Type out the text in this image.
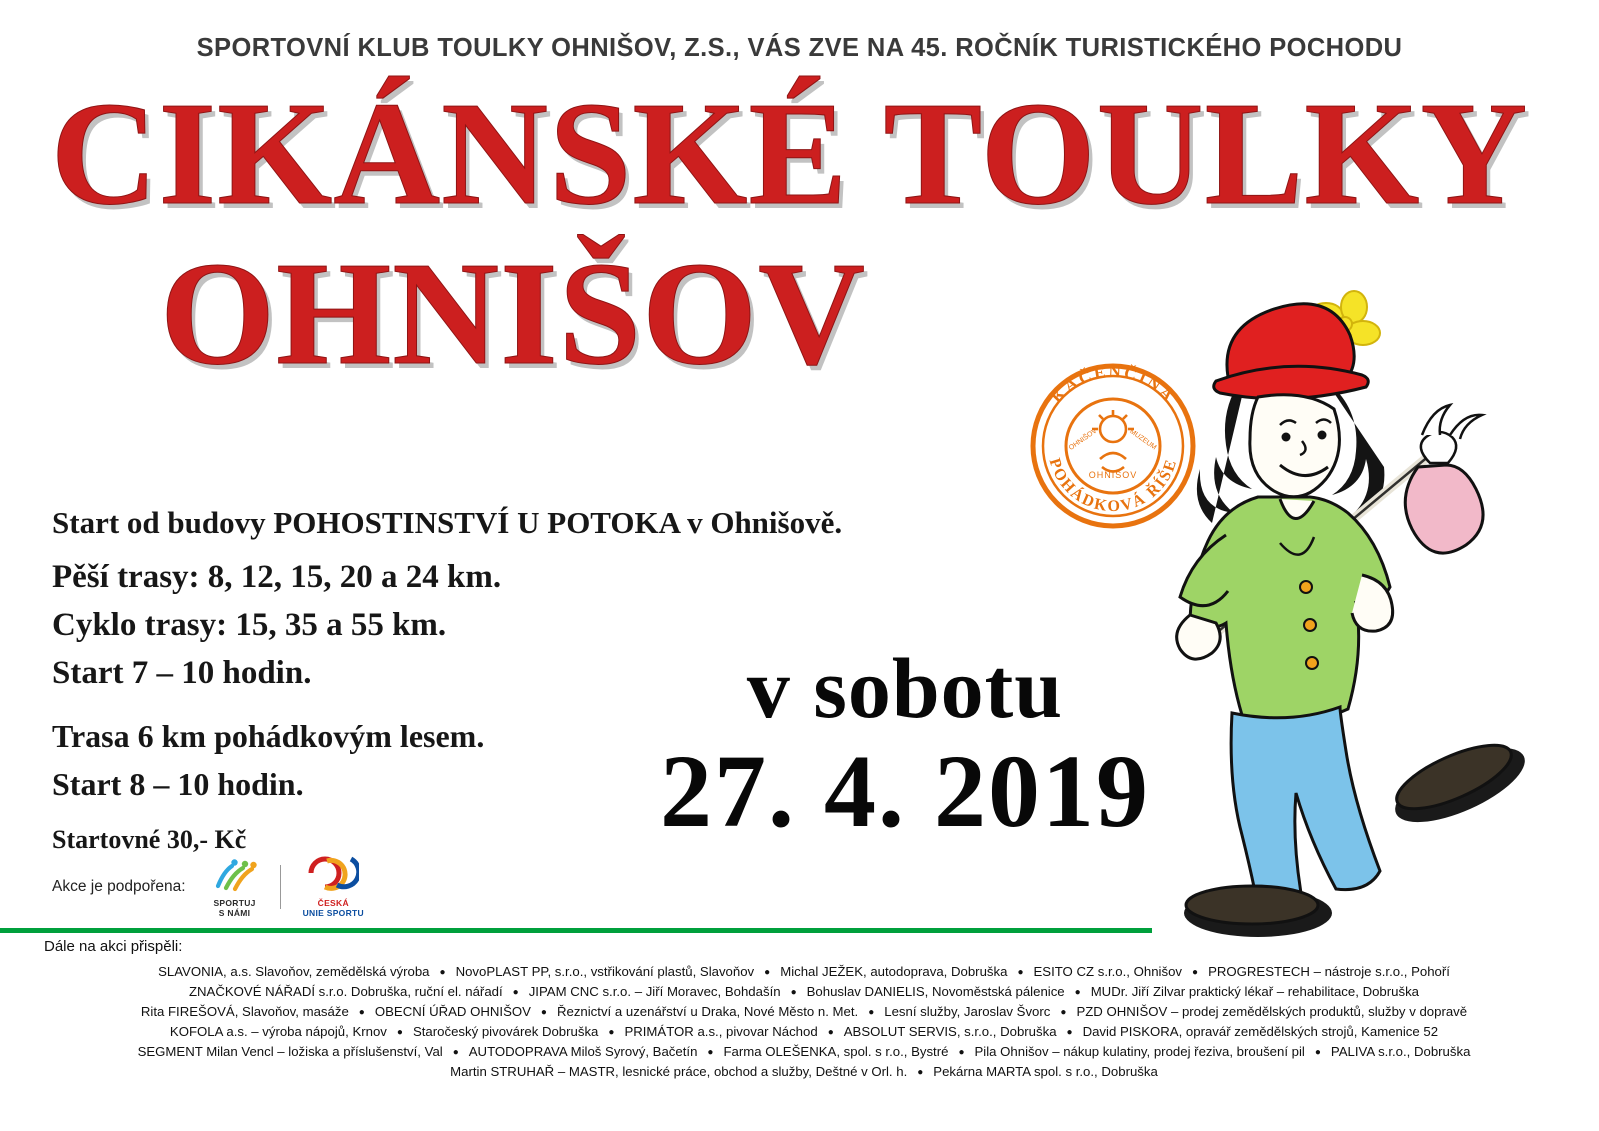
SPORTOVNÍ KLUB TOULKY OHNIŠOV, Z.S., VÁS ZVE NA 45. ROČNÍK TURISTICKÉHO POCHODU
CIKÁNSKÉ TOULKY
OHNIŠOV
Start od budovy POHOSTINSTVÍ U POTOKA v Ohnišově.
Pěší trasy: 8, 12, 15, 20 a 24 km.
Cyklo trasy: 15, 35 a 55 km.
Start 7 – 10 hodin.
Trasa 6 km pohádkovým lesem.
Start 8 – 10 hodin.
Startovné 30,- Kč
Akce je podpořena:
SPORTUJ
S NÁMI
ČESKÁ
UNIE SPORTU
v sobotu
27. 4. 2019
KAČENČINA
POHÁDKOVÁ ŘÍŠE
OHNIŠOV
OHNIŠOV	MUZEUM
Dále na akci přispěli:
SLAVONIA, a.s. Slavoňov, zemědělská výroba ● NovoPLAST PP, s.r.o., vstřikování plastů, Slavoňov ● Michal JEŽEK, autodoprava, Dobruška ● ESITO CZ s.r.o., Ohnišov ● PROGRESTECH – nástroje s.r.o., Pohoří
ZNAČKOVÉ NÁŘADÍ s.r.o. Dobruška, ruční el. nářadí ● JIPAM CNC s.r.o. – Jiří Moravec, Bohdašín ● Bohuslav DANIELIS, Novoměstská pálenice ● MUDr. Jiří Zilvar praktický lékař – rehabilitace, Dobruška
Rita FIREŠOVÁ, Slavoňov, masáže ● OBECNÍ ÚŘAD OHNIŠOV ● Řeznictví a uzenářství u Draka, Nové Město n. Met. ● Lesní služby, Jaroslav Švorc ● PZD OHNIŠOV – prodej zemědělských produktů, služby v dopravě
KOFOLA a.s. – výroba nápojů, Krnov ● Staročeský pivovárek Dobruška ● PRIMÁTOR a.s., pivovar Náchod ● ABSOLUT SERVIS, s.r.o., Dobruška ● David PISKORA, opravář zemědělských strojů, Kamenice 52
SEGMENT Milan Vencl – ložiska a příslušenství, Val ● AUTODOPRAVA Miloš Syrový, Bačetín ● Farma OLEŠENKA, spol. s r.o., Bystré ● Pila Ohnišov – nákup kulatiny, prodej řeziva, broušení pil ● PALIVA s.r.o., Dobruška
Martin STRUHAŘ – MASTR, lesnické práce, obchod a služby, Deštné v Orl. h. ● Pekárna MARTA spol. s r.o., Dobruška
